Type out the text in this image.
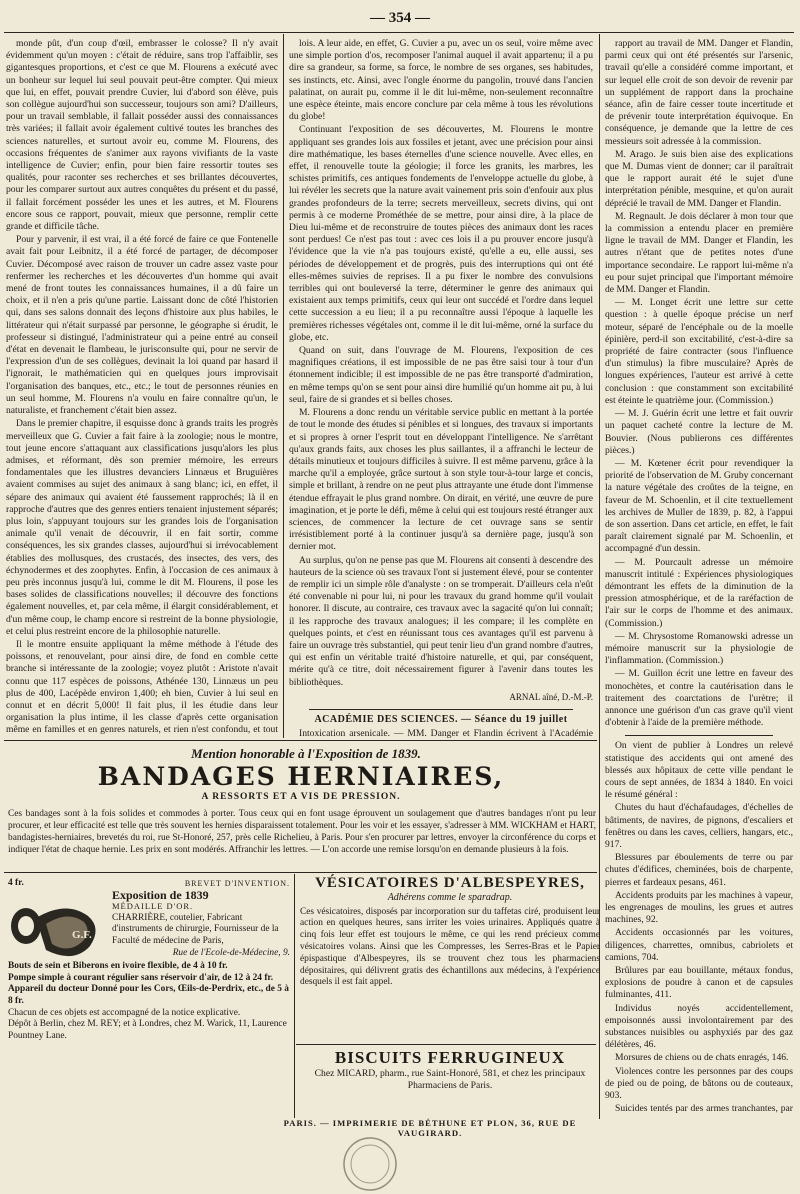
— 354 —

monde pût, d'un coup d'œil, embrasser le colosse? Il n'y avait évidemment qu'un moyen : c'était de réduire, sans trop l'affaiblir, ses gigantesques proportions, et c'est ce que M. Flourens a exécuté avec un bonheur sur lequel lui seul pouvait peut-être compter. Qui mieux que lui, en effet, pouvait prendre Cuvier, lui d'abord son élève, puis son collègue aujourd'hui son successeur, toujours son ami? D'ailleurs, pour un travail semblable, il fallait posséder aussi des connaissances très variées; il fallait avoir également cultivé toutes les branches des sciences naturelles, et surtout avoir eu, comme M. Flourens, des occasions fréquentes de s'animer aux rayons vivifiants de la vaste intelligence de Cuvier; enfin, pour bien faire ressortir toutes ses qualités, pour raconter ses recherches et ses brillantes découvertes, pour les comparer surtout aux autres conquêtes du présent et du passé, il fallait forcément posséder les unes et les autres, et M. Flourens encore sous ce rapport, pouvait, mieux que personne, remplir cette grande et difficile tâche.

Pour y parvenir, il est vrai, il a été forcé de faire ce que Fontenelle avait fait pour Leibnitz, il a été forcé de partager, de décomposer Cuvier. Décomposé avec raison de trouver un cadre assez vaste pour renfermer les recherches et les découvertes d'un homme qui avait mené de front toutes les connaissances humaines, il a dû faire un choix, et il n'en a pris qu'une partie. Laissant donc de côté l'historien qui, dans ses salons donnait des leçons d'histoire aux plus habiles, le littérateur qui n'était surpassé par personne, le géographe si érudit, le professeur si distingué, l'administrateur qui a peine entré au conseil d'état en devenait le flambeau, le jurisconsulte qui, pour ne servir de l'expression d'un de ses collègues, devinait la loi quand par hasard il l'ignorait, le mathématicien qui en quelques jours improvisait l'organisation des banques, etc., etc.; le tout de personnes réunies en un seul homme, M. Flourens n'a voulu en faire connaître qu'un, le naturaliste, et franchement c'était bien assez.

Dans le premier chapitre, il esquisse donc à grands traits les progrès merveilleux que G. Cuvier a fait faire à la zoologie; nous le montre, tout jeune encore s'attaquant aux classifications jusqu'alors les plus admises, et réformant, dès son premier mémoire, les erreurs fondamentales que les illustres devanciers Linnæus et Bruguières avaient commises au sujet des animaux à sang blanc; ici, en effet, il sépare des animaux qui avaient été faussement rapprochés; là il en rapproche d'autres que des genres entiers tenaient injustement séparés; plus loin, s'appuyant toujours sur les grandes lois de l'organisation animale qu'il venait de découvrir, il en fait sortir, comme conséquences, les six grandes classes, aujourd'hui si irrévocablement établies des mollusques, des crustacés, des insectes, des vers, des échynodermes et des zoophytes. Enfin, à l'occasion de ces animaux à peu près inconnus jusqu'à lui, comme le dit M. Flourens, il pose les bases solides de classifications nouvelles; il découvre des fonctions également nouvelles, et, par cela même, il élargit considérablement, et d'un même coup, le champ encore si restreint de la bonne physiologie, et celui plus restreint encore de la philosophie naturelle.

Il le montre ensuite appliquant la même méthode à l'étude des poissons, et renouvelant, pour ainsi dire, de fond en comble cette branche si intéressante de la zoologie; voyez plutôt : Aristote n'avait connu que 117 espèces de poissons, Athénée 130, Linnæus un peu plus de 400, Lacépède environ 1,400; eh bien, Cuvier à lui seul en connut et en décrit 5,000! Il fait plus, il les étudie dans leur organisation la plus intime, il les classe d'après cette organisation même en familles et en genres naturels, et rien n'est confondu, et tout

lois. A leur aide, en effet, G. Cuvier a pu, avec un os seul, voire même avec une simple portion d'os, recomposer l'animal auquel il avait appartenu; il a pu dire sa grandeur, sa forme, sa force, le nombre de ses organes, ses habitudes, ses instincts, etc. Ainsi, avec l'ongle énorme du pangolin, trouvé dans l'ancien palatinat, on aurait pu, comme il le dit lui-même, non-seulement reconnaître une espèce éteinte, mais encore conclure par cela même à tous les révolutions du globe!

Continuant l'exposition de ses découvertes, M. Flourens le montre appliquant ses grandes lois aux fossiles et jetant, avec une précision pour ainsi dire mathématique, les bases éternelles d'une science nouvelle. Avec elles, en effet, il renouvelle toute la géologie; il force les granits, les marbres, les schistes primitifs, ces antiques fondements de l'enveloppe actuelle du globe, à lui révéler les secrets que la nature avait vainement pris soin d'enfouir aux plus grandes profondeurs de la terre; secrets merveilleux, secrets divins, qui ont permis à ce moderne Prométhée de se mettre, pour ainsi dire, à la place de Dieu lui-même et de reconstruire de toutes pièces des animaux dont les races sont perdues! Ce n'est pas tout : avec ces lois il a pu prouver encore jusqu'à l'évidence que la vie n'a pas toujours existé, qu'elle a eu, elle aussi, ses périodes de développement et de progrès, puis des interruptions qui ont été elles-mêmes suivies de reprises. Il a pu fixer le nombre des convulsions terribles qui ont bouleversé la terre, déterminer le genre des animaux qui existaient aux temps primitifs, ceux qui leur ont succédé et l'ordre dans lequel cette succession a eu lieu; il a pu reconnaître aussi l'époque à laquelle les premières richesses végétales ont, comme il le dit lui-même, orné la surface du globe, etc.

Quand on suit, dans l'ouvrage de M. Flourens, l'exposition de ces magnifiques créations, il est impossible de ne pas être saisi tour à tour d'un étonnement indicible; il est impossible de ne pas être transporté d'admiration, en même temps qu'on se sent pour ainsi dire humilié qu'un homme ait pu, à lui seul, faire de si grandes et si belles choses.

M. Flourens a donc rendu un véritable service public en mettant à la portée de tout le monde des études si pénibles et si longues, des travaux si importants et si propres à orner l'esprit tout en développant l'intelligence. Ne s'arrêtant qu'aux grands faits, aux choses les plus saillantes, il a affranchi le lecteur de détails minutieux et toujours difficiles à suivre. Il est même parvenu, grâce à la marche qu'il a employée, grâce surtout à son style tour-à-tour large et concis, simple et brillant, à rendre on ne peut plus attrayante une étude dont l'immense étendue effrayait le plus grand nombre. On dirait, en vérité, une œuvre de pure imagination, et je porte le défi, même à celui qui est toujours resté étranger aux sciences, de commencer la lecture de cet ouvrage sans se sentir irrésistiblement porté à la continuer jusqu'à sa dernière page, jusqu'à son dernier mot.

Au surplus, qu'on ne pense pas que M. Flourens ait consenti à descendre des hauteurs de la science où ses travaux l'ont si justement élevé, pour se contenter de remplir ici un simple rôle d'analyste : on se tromperait. D'ailleurs cela n'eût été convenable ni pour lui, ni pour les travaux du grand homme qu'il voulait honorer. Il discute, au contraire, ces travaux avec la sagacité qu'on lui connaît; il les rapproche des travaux analogues; il les compare; il les complète en quelques points, et c'est en réunissant tous ces avantages qu'il est parvenu à faire un ouvrage très substantiel, qui peut tenir lieu d'un grand nombre d'autres, qui est enfin un véritable traité d'histoire naturelle, et qui, par conséquent, mérite qu'à ce titre, doit nécessairement figurer à l'avenir dans toutes les bibliothèques.

ARNAL aîné, D.-M.-P.
ACADÉMIE DES SCIENCES. — Séance du 19 juillet

Intoxication arsenicale. — MM. Danger et Flandin écrivent à l'Académie

rapport au travail de MM. Danger et Flandin, parmi ceux qui ont été présentés sur l'arsenic, travail qu'elle a considéré comme important, et sur lequel elle croit de son devoir de revenir par un supplément de rapport dans la prochaine séance, afin de faire cesser toute incertitude et de prévenir toute interprétation équivoque. En conséquence, je demande que la lettre de ces messieurs soit adressée à la commission.

M. Arago. Je suis bien aise des explications que M. Dumas vient de donner; car il paraîtrait que le rapport aurait été le sujet d'une interprétation pénible, mesquine, et qu'on aurait déprécié le travail de MM. Danger et Flandin.

M. Regnault. Je dois déclarer à mon tour que la commission a entendu placer en première ligne le travail de MM. Danger et Flandin, les autres n'étant que de petites notes d'une importance secondaire. Le rapport lui-même n'a eu pour sujet principal que l'important mémoire de MM. Danger et Flandin.

— M. Longet écrit une lettre sur cette question : à quelle époque précise un nerf moteur, séparé de l'encéphale ou de la moelle épinière, perd-il son excitabilité, c'est-à-dire sa propriété de faire contracter (sous l'influence d'un stimulus) la fibre musculaire? Après de longues expériences, l'auteur est arrivé à cette conclusion : que constamment son excitabilité est éteinte le quatrième jour. (Commission.)

— M. J. Guérin écrit une lettre et fait ouvrir un paquet cacheté contre la lecture de M. Bouvier. (Nous publierons ces différentes pièces.)

— M. Kœtener écrit pour revendiquer la priorité de l'observation de M. Gruby concernant la nature végétale des croûtes de la teigne, en faveur de M. Schoenlin, et il cite textuellement les archives de Muller de 1839, p. 82, à l'appui de son assertion. Dans cet article, en effet, le fait paraît clairement signalé par M. Schoenlin, et accompagné d'un dessin.

— M. Pourcault adresse un mémoire manuscrit intitulé : Expériences physiologiques démontrant les effets de la diminution de la pression atmosphérique, et de la raréfaction de l'air sur le corps de l'homme et des animaux. (Commission.)

— M. Chrysostome Romanowski adresse un mémoire manuscrit sur la physiologie de l'inflammation. (Commission.)

— M. Guillon écrit une lettre en faveur des monochètes, et contre la cautérisation dans le traitement des coarctations de l'urètre; il annonce une guérison d'un cas grave qu'il vient d'obtenir à l'aide de la première méthode.

On vient de publier à Londres un relevé statistique des accidents qui ont amené des blessés aux hôpitaux de cette ville pendant le cours de sept années, de 1834 à 1840. En voici le résumé général :

Chutes du haut d'échafaudages, d'échelles de bâtiments, de navires, de pignons, d'escaliers et fenêtres ou dans les caves, celliers, hangars, etc., 917.

Blessures par éboulements de terre ou par chutes d'édifices, cheminées, bois de charpente, pierres et fardeaux pesans, 461.

Accidents produits par les machines à vapeur, les engrenages de moulins, les grues et autres machines, 92.

Accidents occasionnés par les voitures, diligences, charrettes, omnibus, cabriolets et camions, 704.

Brûlures par eau bouillante, métaux fondus, explosions de poudre à canon et de capsules fulminantes, 411.

Individus noyés accidentellement, empoisonnés aussi involontairement par des substances nuisibles ou asphyxiés par des gaz délétères, 46.

Morsures de chiens ou de chats enragés, 146.

Violences contre les personnes par des coups de pied ou de poing, de bâtons ou de couteaux, 903.

Suicides tentés par des armes tranchantes, par

Mention honorable à l'Exposition de 1839.
BANDAGES HERNIAIRES,
A RESSORTS ET A VIS DE PRESSION.
Ces bandages sont à la fois solides et commodes à porter. Tous ceux qui en font usage éprouvent un soulagement que d'autres bandages n'ont pu leur procurer, et leur efficacité est telle que très souvent les hernies disparaissent totalement. Pour les voir et les essayer, s'adresser à MM. WICKHAM et HART, bandagistes-herniaires, brevetés du roi, rue St-Honoré, 257, près celle Richelieu, à Paris. Pour s'en procurer par lettres, envoyer la circonférence du corps et indiquer l'état de chaque hernie. Les prix en sont modérés. Affranchir les lettres. — L'on accorde une remise lorsqu'on en demande plusieurs à la fois.
4 fr.	BREVET D'INVENTION.
Exposition de 1839
MÉDAILLE D'OR.
CHARRIÈRE, coutelier, Fabricant d'instruments de chirurgie, Fournisseur de la Faculté de médecine de Paris,
Rue de l'Ecole-de-Médecine, 9.
Bouts de sein et Biberons en ivoire flexible, de 4 à 10 fr.
Pompe simple à courant régulier sans réservoir d'air, de 12 à 24 fr.
Appareil du docteur Donné pour les Cors, Œils-de-Perdrix, etc., de 5 à 8 fr.
Chacun de ces objets est accompagné de la notice explicative.
Dépôt à Berlin, chez M. REY; et à Londres, chez M. Warick, 11, Laurence Pountney Lane.
G.F.
VÉSICATOIRES D'ALBESPEYRES,
Adhérens comme le sparadrap.
Ces vésicatoires, disposés par incorporation sur du taffetas ciré, produisent leur action en quelques heures, sans irriter les voies urinaires. Appliqués quatre à cinq fois leur effet est toujours le même, ce qui les rend précieux comme vésicatoires volans. Ainsi que les Compresses, les Serres-Bras et le Papier épispastique d'Albespeyres, ils se trouvent chez tous les pharmaciens dépositaires, qui délivrent gratis des échantillons aux médecins, à l'expérience desquels il est fait appel.
BISCUITS FERRUGINEUX
Chez MICARD, pharm., rue Saint-Honoré, 581, et chez les principaux Pharmaciens de Paris.
PARIS. — IMPRIMERIE DE BÉTHUNE ET PLON, 36, RUE DE VAUGIRARD.
